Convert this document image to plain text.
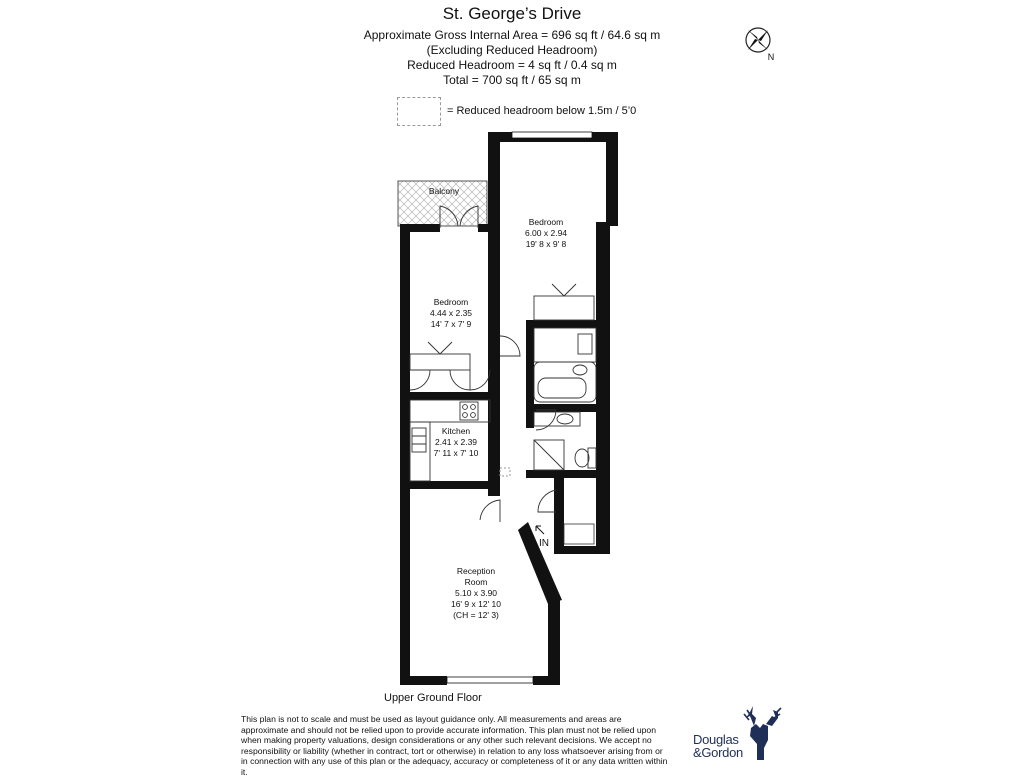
Balcony
Bedroom
4.44 x 2.35
14' 7 x 7' 9
Bedroom
6.00 x 2.94
19' 8 x 9' 8
Kitchen
2.41 x 2.39
7' 11 x 7' 10
Reception
Room
5.10 x 3.90
16' 9 x 12' 10
(CH = 12' 3)
IN
N
St. George’s Drive
Approximate Gross Internal Area = 696 sq ft / 64.6 sq m
(Excluding Reduced Headroom)
Reduced Headroom = 4 sq ft / 0.4 sq m
Total = 700 sq ft / 65 sq m
= Reduced headroom below 1.5m / 5’0
Upper Ground Floor
This plan is not to scale and must be used as layout guidance only. All measurements and areas are approximate and should not be relied upon to provide accurate information. This plan must not be relied upon when making property valuations, design considerations or any other such relevant decisions. We accept no responsibility or liability (whether in contract, tort or otherwise) in relation to any loss whatsoever arising from or in connection with any use of this plan or the adequacy, accuracy or completeness of it or any data written within it.
Douglas
&Gordon
